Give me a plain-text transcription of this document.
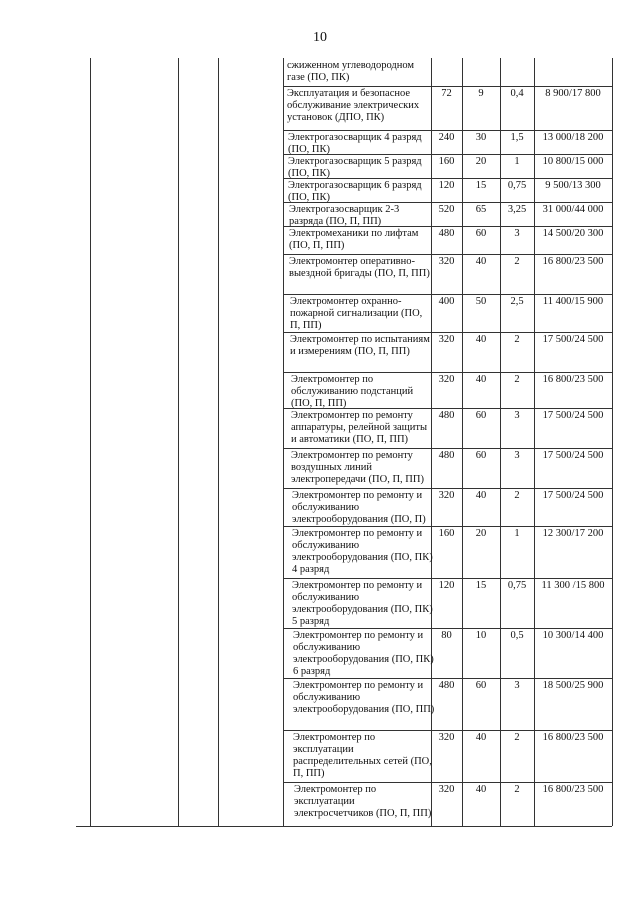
10
сжиженном углеводородном газе (ПО, ПК)
Эксплуатация и безопасное обслуживание электрических установок (ДПО, ПК)
72	9	0,4	8 900/17 800
Электрогазосварщик 4 разряд (ПО, ПК)
240	30	1,5	13 000/18 200
Электрогазосварщик 5 разряд (ПО, ПК)
160	20	1	10 800/15 000
Электрогазосварщик 6 разряд (ПО, ПК)
120	15	0,75	9 500/13 300
Электрогазосварщик 2-3 разряда (ПО, П, ПП)
520	65	3,25	31 000/44 000
Электромеханики по лифтам (ПО, П, ПП)
480	60	3	14 500/20 300
Электромонтер оперативно-выездной бригады (ПО, П, ПП)
320	40	2	16 800/23 500
Электромонтер охранно-пожарной сигнализации (ПО, П, ПП)
400	50	2,5	11 400/15 900
Электромонтер по испытаниям и измерениям (ПО, П, ПП)
320	40	2	17 500/24 500
Электромонтер по обслуживанию подстанций (ПО, П, ПП)
320	40	2	16 800/23 500
Электромонтер по ремонту аппаратуры, релейной защиты и автоматики (ПО, П, ПП)
480	60	3	17 500/24 500
Электромонтер по ремонту воздушных линий электропередачи (ПО, П, ПП)
480	60	3	17 500/24 500
Электромонтер по ремонту и обслуживанию электрооборудования (ПО, П)
320	40	2	17 500/24 500
Электромонтер по ремонту и обслуживанию электрооборудования (ПО, ПК) 4 разряд
160	20	1	12 300/17 200
Электромонтер по ремонту и обслуживанию электрооборудования (ПО, ПК) 5 разряд
120	15	0,75	11 300 /15 800
Электромонтер по ремонту и обслуживанию электрооборудования (ПО, ПК) 6 разряд
80	10	0,5	10 300/14 400
Электромонтер по ремонту и обслуживанию электрооборудования (ПО, ПП)
480	60	3	18 500/25 900
Электромонтер по эксплуатации распределительных сетей (ПО, П, ПП)
320	40	2	16 800/23 500
Электромонтер по эксплуатации электросчетчиков (ПО, П, ПП)
320	40	2	16 800/23 500
